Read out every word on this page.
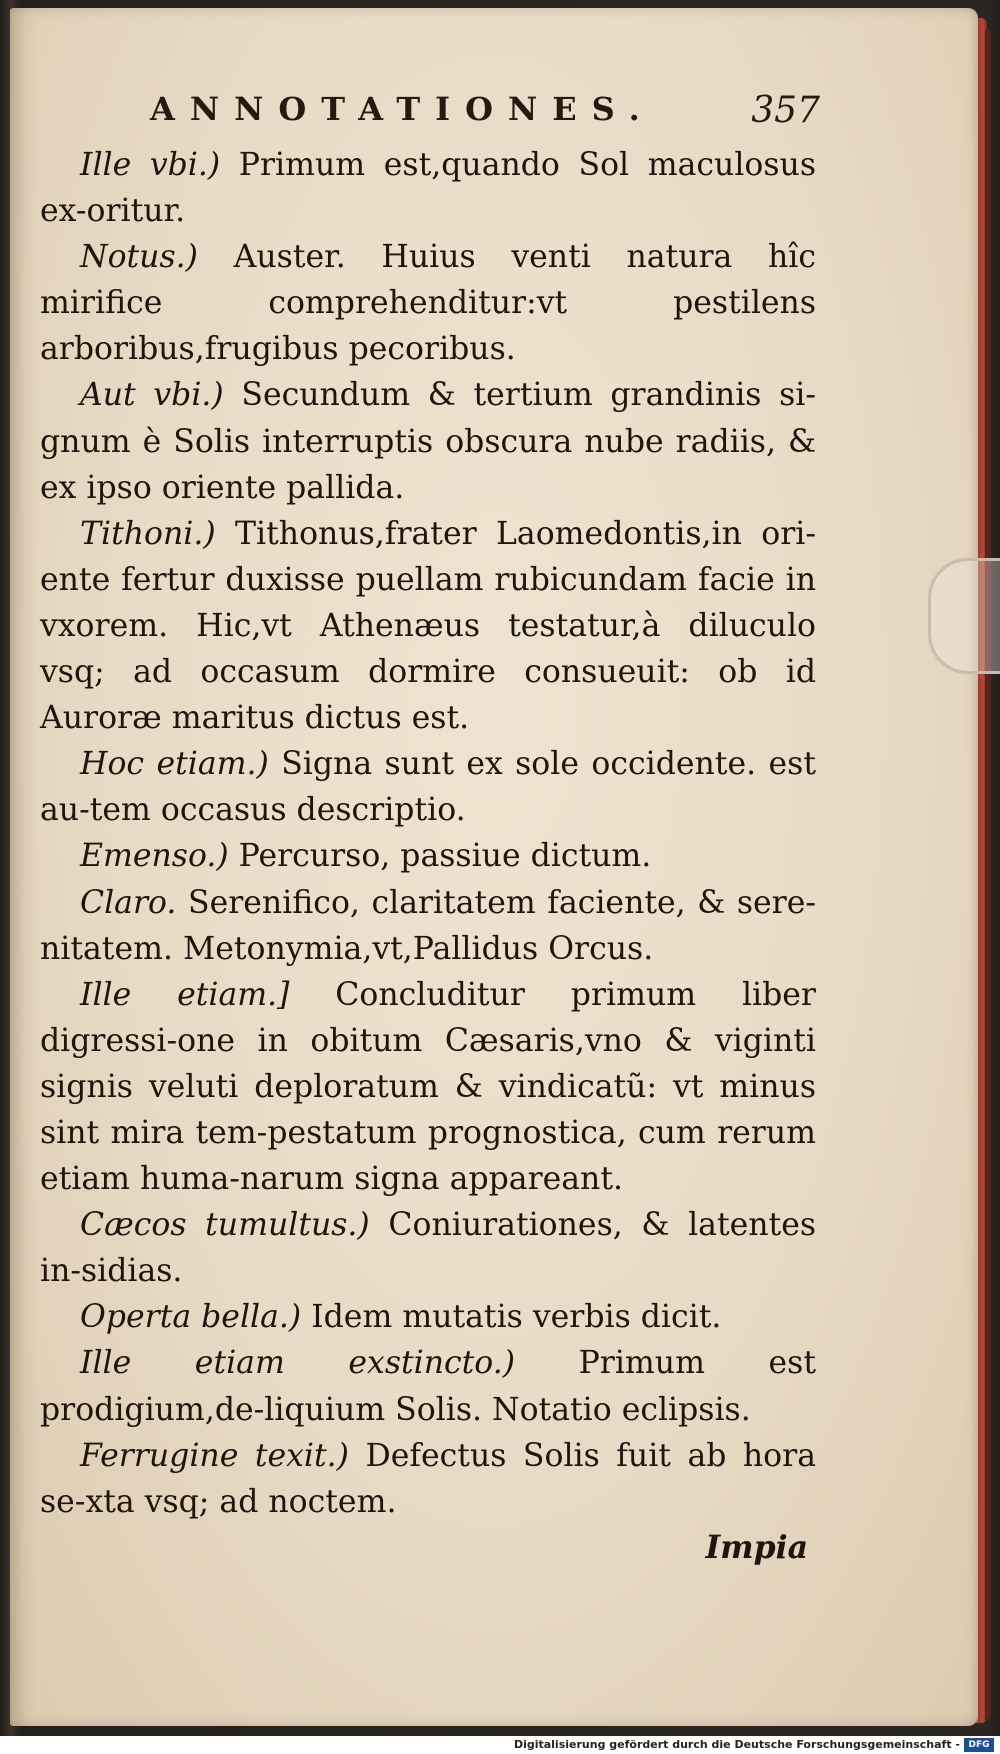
ANNOTATIONES.	357

Ille vbi.) Primum est,quando Sol maculosus ex-oritur.

Notus.) Auster. Huius venti natura hîc mirifice comprehenditur:vt pestilens arboribus,frugibus pecoribus.

Aut vbi.) Secundum & tertium grandinis si-gnum è Solis interruptis obscura nube radiis, & ex ipso oriente pallida.

Tithoni.) Tithonus,frater Laomedontis,in ori-ente fertur duxisse puellam rubicundam facie in vxorem. Hic,vt Athenæus testatur,à diluculo vsq; ad occasum dormire consueuit: ob id Auroræ maritus dictus est.

Hoc etiam.) Signa sunt ex sole occidente. est au-tem occasus descriptio.

Emenso.) Percurso, passiue dictum.

Claro. Serenifico, claritatem faciente, & sere-nitatem. Metonymia,vt,Pallidus Orcus.

Ille etiam.] Concluditur primum liber digressi-one in obitum Cæsaris,vno & viginti signis veluti deploratum & vindicatũ: vt minus sint mira tem-pestatum prognostica, cum rerum etiam huma-narum signa appareant.

Cæcos tumultus.) Coniurationes, & latentes in-sidias.

Operta bella.) Idem mutatis verbis dicit.

Ille etiam exstincto.) Primum est prodigium,de-liquium Solis. Notatio eclipsis.

Ferrugine texit.) Defectus Solis fuit ab hora se-xta vsq; ad noctem.

Impia

Digitalisierung gefördert durch die Deutsche Forschungsgemeinschaft - DFG
